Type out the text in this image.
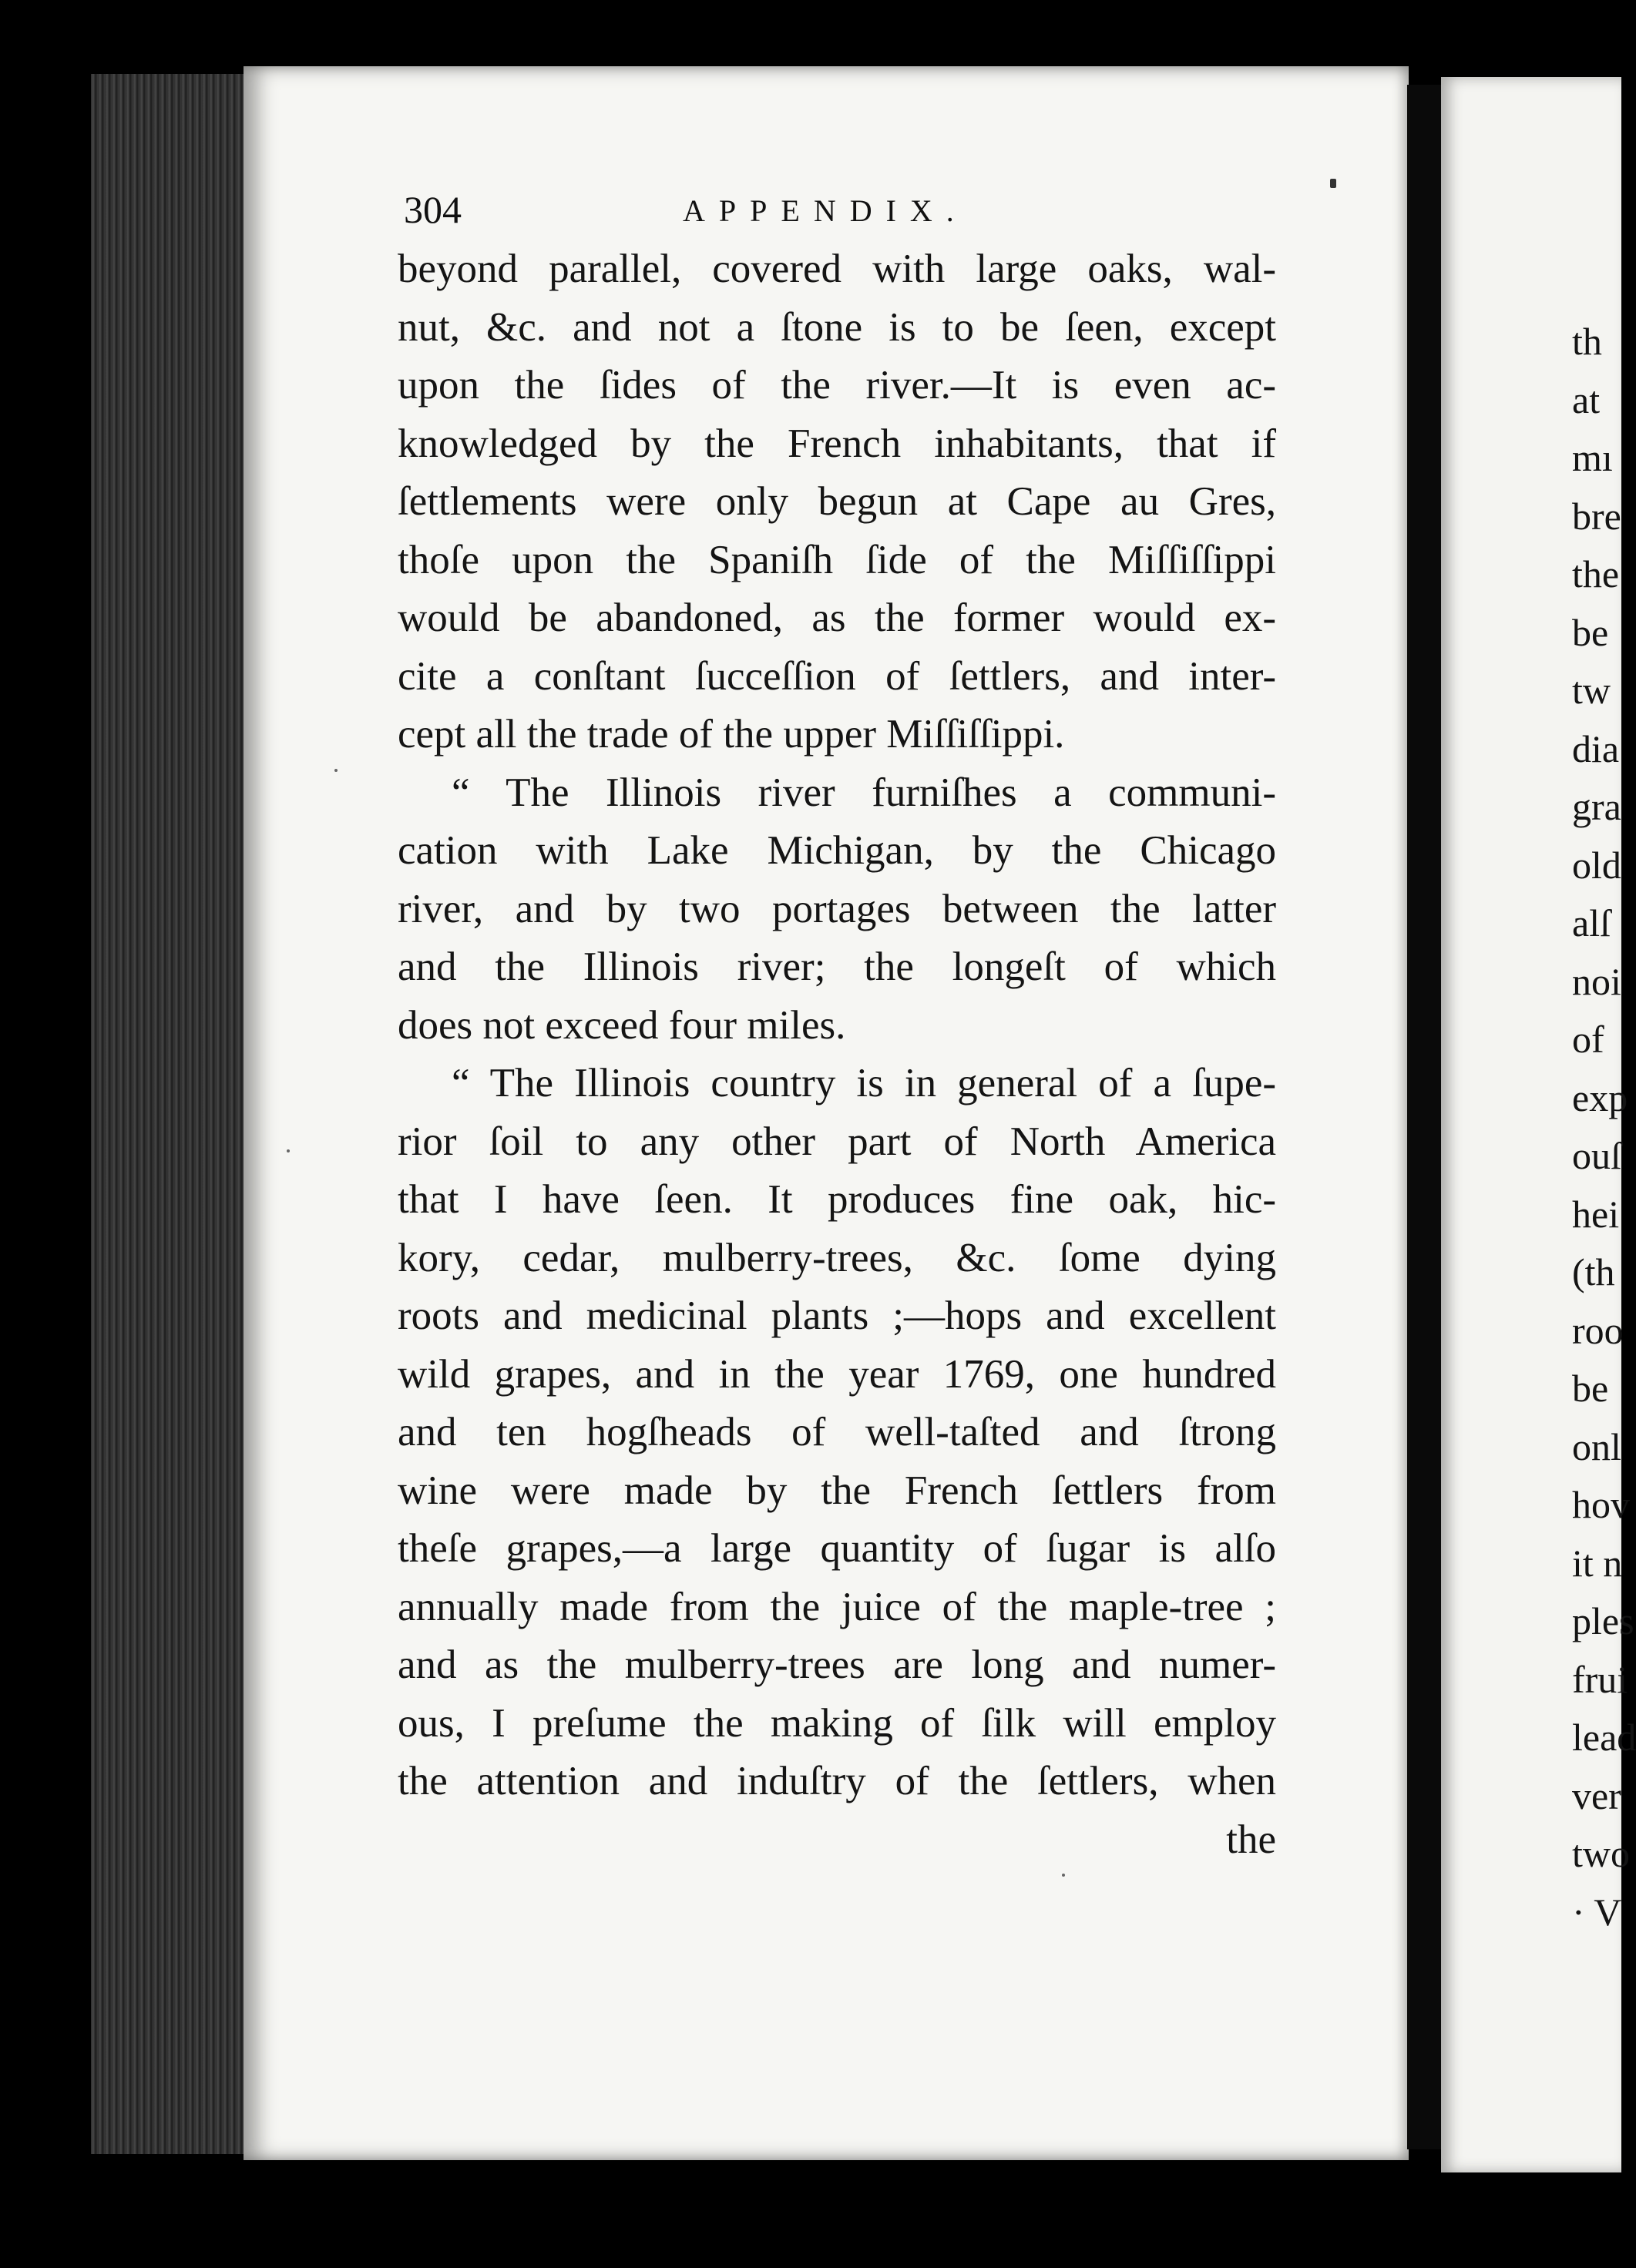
304	APPENDIX.
beyond parallel, covered with large oaks, wal-
nut, &c. and not a ſtone is to be ſeen, except
upon the ſides of the river.—It is even ac-
knowledged by the French inhabitants, that if
ſettlements were only begun at Cape au Gres,
thoſe upon the Spaniſh ſide of the Miſſiſſippi
would be abandoned, as the former would ex-
cite a conſtant ſucceſſion of ſettlers, and inter-
cept all the trade of the upper Miſſiſſippi.
“ The Illinois river furniſhes a communi-
cation with Lake Michigan, by the Chicago
river, and by two portages between the latter
and the Illinois river; the longeſt of which
does not exceed four miles.
“ The Illinois country is in general of a ſupe-
rior ſoil to any other part of North America
that I have ſeen. It produces fine oak, hic-
kory, cedar, mulberry-trees, &c. ſome dying
roots and medicinal plants ;—hops and excellent
wild grapes, and in the year 1769, one hundred
and ten hogſheads of well-taſted and ſtrong
wine were made by the French ſettlers from
theſe grapes,—a large quantity of ſugar is alſo
annually made from the juice of the maple-tree ;
and as the mulberry-trees are long and numer-
ous, I preſume the making of ſilk will employ
the attention and induſtry of the ſettlers, when
the
th
at
mı
bre
the
be
tw
dia
gra
old
alſ
noi
of
exp
ouſ
hei
(th
roo
be
onl
hov
it n
ples
frui
lead
ver
two
· V
